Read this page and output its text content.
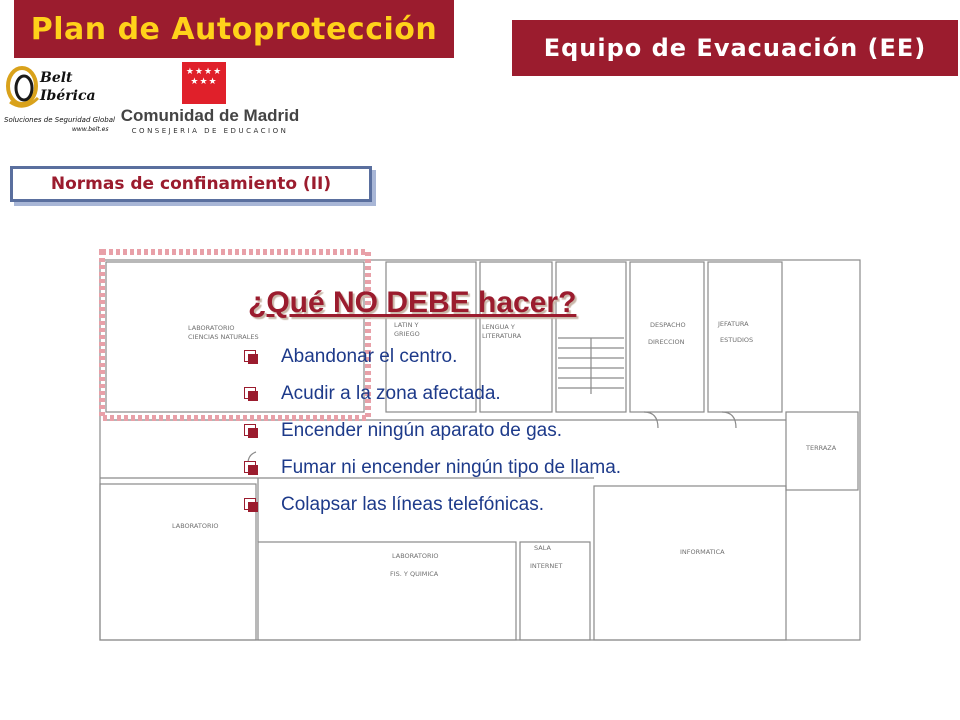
Plan de Autoprotección
Equipo de Evacuación (EE)
Belt
Ibérica
Soluciones de Seguridad Global
www.belt.es
★★★★ ★★★
Comunidad de Madrid
CONSEJERIA DE EDUCACION
Normas de confinamiento (II)
LABORATORIO
CIENCIAS NATURALES
LATIN Y
GRIEGO
LENGUA Y
LITERATURA
DESPACHO
DIRECCION
JEFATURA
ESTUDIOS
TERRAZA
LABORATORIO
LABORATORIO
FIS. Y QUIMICA
SALA
INTERNET
INFORMATICA
¿Qué NO DEBE hacer?
Abandonar el centro.
Acudir a la zona afectada.
Encender ningún aparato de gas.
Fumar ni encender ningún tipo de llama.
Colapsar las líneas telefónicas.
